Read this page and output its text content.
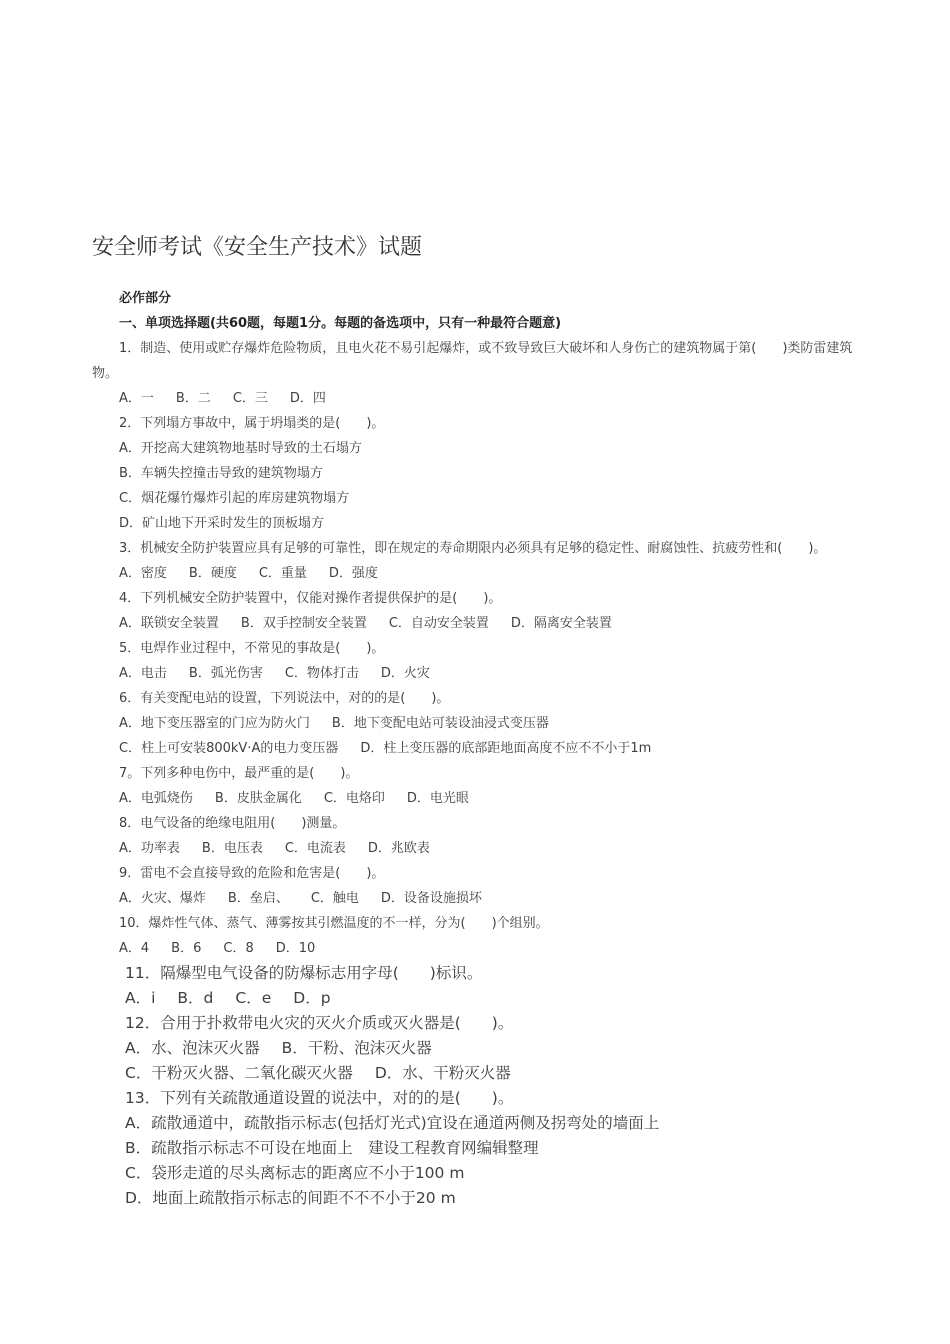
安全师考试《安全生产技术》试题
必作部分
一、单项选择题(共60题，每题1分。每题的备选项中，只有一种最符合题意)
1．制造、使用或贮存爆炸危险物质，且电火花不易引起爆炸，或不致导致巨大破坏和人身伤亡的建筑物属于第(　　)类防雷建筑物。
A．一 B．二 C．三 D．四
2．下列塌方事故中，属于坍塌类的是(　　)。
A．开挖高大建筑物地基时导致的土石塌方
B．车辆失控撞击导致的建筑物塌方
C．烟花爆竹爆炸引起的库房建筑物塌方
D．矿山地下开采时发生的顶板塌方
3．机械安全防护装置应具有足够的可靠性，即在规定的寿命期限内必须具有足够的稳定性、耐腐蚀性、抗疲劳性和(　　)。
A．密度 B．硬度 C．重量 D．强度
4．下列机械安全防护装置中，仅能对操作者提供保护的是(　　)。
A．联锁安全装置 B．双手控制安全装置 C．自动安全装置 D．隔离安全装置
5．电焊作业过程中，不常见的事故是(　　)。
A．电击 B．弧光伤害 C．物体打击 D．火灾
6．有关变配电站的设置，下列说法中，对的的是(　　)。
A．地下变压器室的门应为防火门 B．地下变配电站可装设油浸式变压器
C．柱上可安装800kV·A的电力变压器 D．柱上变压器的底部距地面高度不应不不小于1m
7。下列多种电伤中，最严重的是(　　)。
A．电弧烧伤 B．皮肤金属化 C．电烙印 D．电光眼
8．电气设备的绝缘电阻用(　　)测量。
A．功率表 B．电压表 C．电流表 D．兆欧表
9．雷电不会直接导致的危险和危害是(　　)。
A．火灾、爆炸 B．垒启、 C．触电 D．设备设施损坏
10．爆炸性气体、蒸气、薄雾按其引燃温度的不一样，分为(　　)个组别。
A．4 B．6 C．8 D．10
11．隔爆型电气设备的防爆标志用字母(　　)标识。
A．i B．d C．e D．p
12．合用于扑救带电火灾的灭火介质或灭火器是(　　)。
A．水、泡沫灭火器 B．干粉、泡沫灭火器
C．干粉灭火器、二氧化碳灭火器 D．水、干粉灭火器
13．下列有关疏散通道设置的说法中，对的的是(　　)。
A．疏散通道中，疏散指示标志(包括灯光式)宜设在通道两侧及拐弯处的墙面上
B．疏散指示标志不可设在地面上　建设工程教育网编辑整理
C．袋形走道的尽头离标志的距离应不小于100 m
D．地面上疏散指示标志的间距不不不小于20 m
